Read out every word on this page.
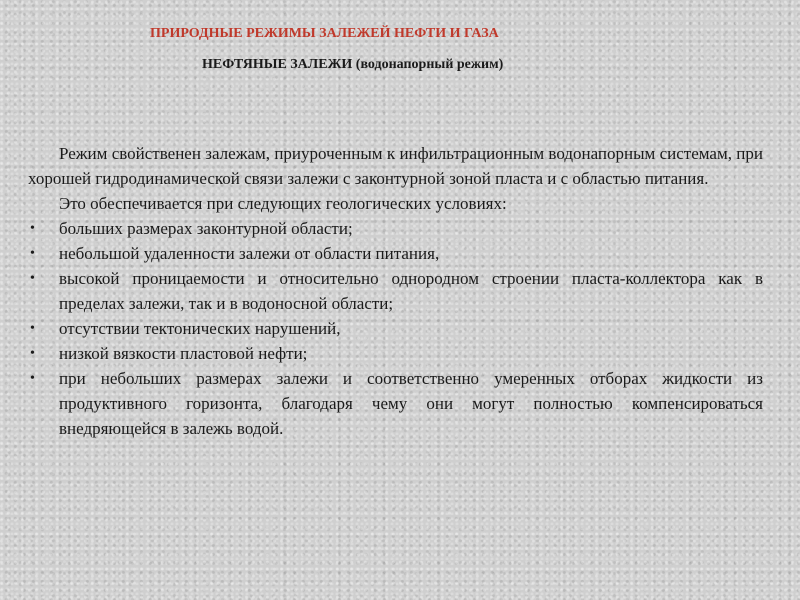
ПРИРОДНЫЕ РЕЖИМЫ ЗАЛЕЖЕЙ НЕФТИ И ГАЗА
НЕФТЯНЫЕ ЗАЛЕЖИ (водонапорный режим)

Режим свойственен залежам, приуроченным к инфильтрационным водонапорным системам, при хорошей гидродинамической связи залежи с законтурной зоной пласта и с областью питания.

Это обеспечивается при следующих геологических условиях:

• больших размерах законтурной области;
• небольшой удаленности залежи от области питания,
• высокой проницаемости и относительно однородном строении пласта-коллектора как в пределах залежи, так и в водоносной области;
• отсутствии тектонических нарушений,
• низкой вязкости пластовой нефти;
• при небольших размерах залежи и соответственно умеренных отборах жидкости из продуктивного горизонта, благодаря чему они могут полностью компенсироваться внедряющейся в залежь водой.
